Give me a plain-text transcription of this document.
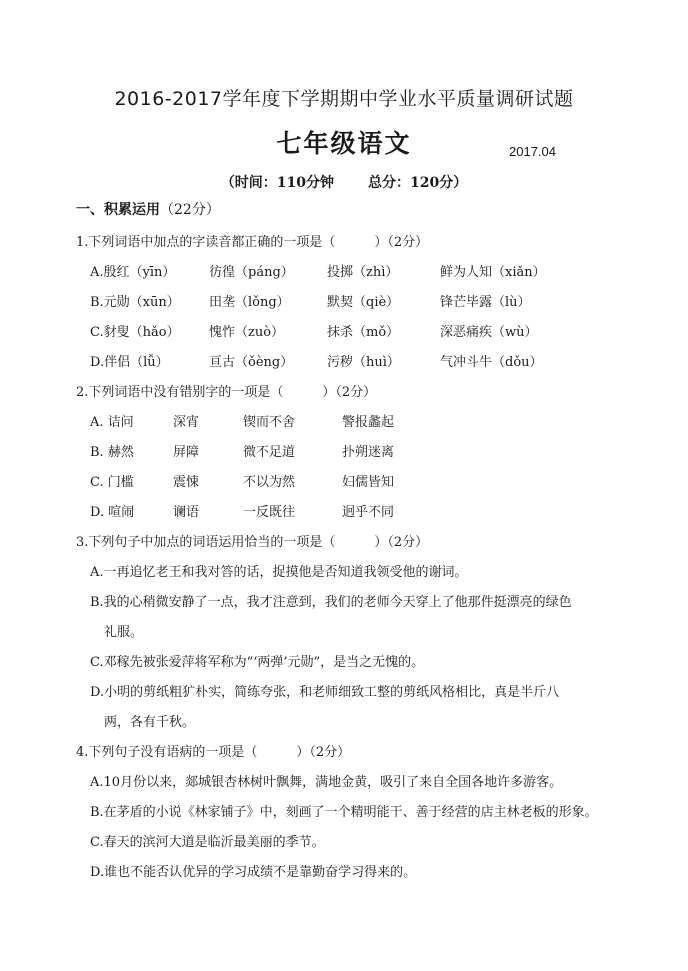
2016-2017学年度下学期期中学业水平质量调研试题
七年级语文	2017.04
（时间：110分钟 总分：120分）
一、积累运用（22分）
1.下列词语中加点的字读音都正确的一项是（　　　）（2分）
A.殷红（yīn）	彷徨（páng）	投掷（zhì）	鲜为人知（xiǎn）
B.元勋（xūn） 田垄（lǒng）	默契（qiè）	锋芒毕露（lù）
C.豺叟（hǎo） 愧怍（zuò）	抹杀（mǒ）	深恶痛疾（wù）
D.伴侣（lǚ）	亘古（ǒèng）	污秽（huì）	气冲斗牛（dǒu）
2.下列词语中没有错别字的一项是（　　　）（2分）
A. 诘问	深宵	锲而不舍	警报蠡起
B. 赫然	屏障	微不足道	扑朔迷离
C. 门槛	震悚	不以为然	妇儒皆知
D. 喧闹	谰语	一反既往	迥乎不同
3.下列句子中加点的词语运用恰当的一项是（　　　）（2分）
A.一再追忆老王和我对答的话，捉摸他是否知道我领受他的谢词。
B.我的心稍微安静了一点，我才注意到，我们的老师今天穿上了他那件挺漂亮的绿色
礼服。
C.邓稼先被张爱萍将军称为“‘两弹’元勋”，是当之无愧的。
D.小明的剪纸粗犷朴实，简练夸张，和老师细致工整的剪纸风格相比，真是半斤八
两，各有千秋。
4.下列句子没有语病的一项是（　　　）（2分）
A.10月份以来，郯城银杏林树叶飘舞，满地金黄，吸引了来自全国各地许多游客。
B.在茅盾的小说《林家铺子》中，刻画了一个精明能干、善于经营的店主林老板的形象。
C.春天的滨河大道是临沂最美丽的季节。
D.谁也不能否认优异的学习成绩不是靠勤奋学习得来的。
